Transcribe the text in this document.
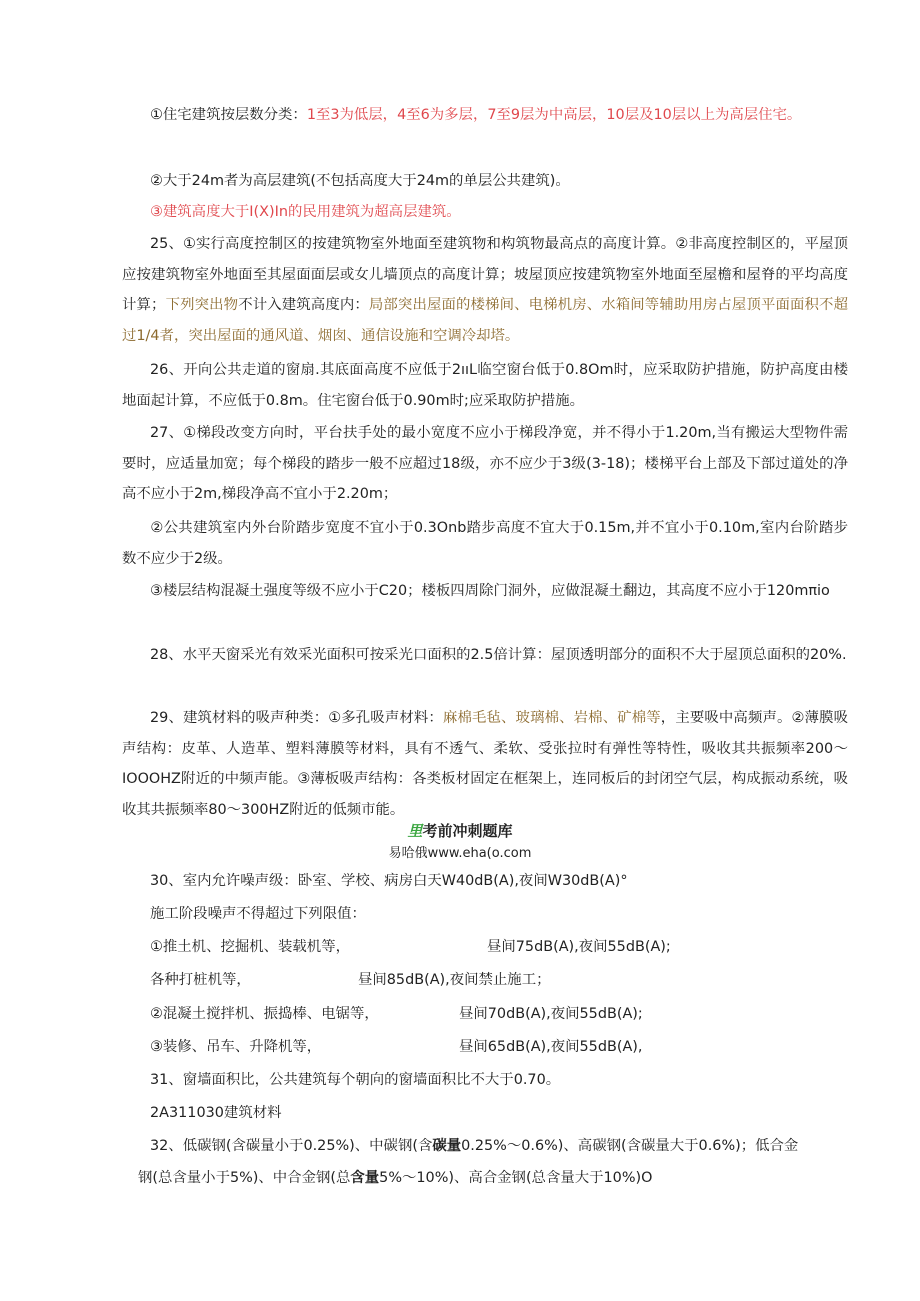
①住宅建筑按层数分类：1至3为低层，4至6为多层，7至9层为中高层，10层及10层以上为高层住宅。

②大于24m者为高层建筑(不包括高度大于24m的单层公共建筑)。

③建筑高度大于I(X)In的民用建筑为超高层建筑。

25、①实行高度控制区的按建筑物室外地面至建筑物和构筑物最高点的高度计算。②非高度控制区的，平屋顶应按建筑物室外地面至其屋面面层或女儿墙顶点的高度计算；坡屋顶应按建筑物室外地面至屋檐和屋脊的平均高度计算；下列突出物不计入建筑高度内：局部突出屋面的楼梯间、电梯机房、水箱间等辅助用房占屋顶平面面积不超过1/4者，突出屋面的通风道、烟囱、通信设施和空调冷却塔。

26、开向公共走道的窗扇.其底面高度不应低于2ııL临空窗台低于0.8Om时，应采取防护措施，防护高度由楼地面起计算，不应低于0.8m。住宅窗台低于0.90m时;应采取防护措施。

27、①梯段改变方向时，平台扶手处的最小宽度不应小于梯段净宽，并不得小于1.20m,当有搬运大型物件需要时，应适量加宽；每个梯段的踏步一般不应超过18级，亦不应少于3级(3-18)；楼梯平台上部及下部过道处的净高不应小于2m,梯段净高不宜小于2.20m；

②公共建筑室内外台阶踏步宽度不宜小于0.3Onb踏步高度不宜大于0.15m,并不宜小于0.10m,室内台阶踏步数不应少于2级。

③楼层结构混凝土强度等级不应小于C20；楼板四周除门洞外，应做混凝土翻边，其高度不应小于120mπio

28、水平天窗采光有效采光面积可按采光口面积的2.5倍计算：屋顶透明部分的面积不大于屋顶总面积的20%.

29、建筑材料的吸声种类：①多孔吸声材料：麻棉毛毡、玻璃棉、岩棉、矿棉等，主要吸中高频声。②薄膜吸声结构：皮革、人造革、塑料薄膜等材料，具有不透气、柔软、受张拉时有弹性等特性，吸收其共振频率200～IOOOHZ附近的中频声能。③薄板吸声结构：各类板材固定在框架上，连同板后的封闭空气层，构成振动系统，吸收其共振频率80～300HZ附近的低频市能。

里考前冲刺题库
易哈俄www.eha(o.com

30、室内允许噪声级：卧室、学校、病房白天W40dB(A),夜间W30dB(A)°

施工阶段噪声不得超过下列限值：

①推土机、挖掘机、装载机等，	昼间75dB(A),夜间55dB(A);
各种打桩机等，	昼间85dB(A),夜间禁止施工；
②混凝土搅拌机、振捣棒、电锯等，	昼间70dB(A),夜间55dB(A);
③装修、吊车、升降机等，	昼间65dB(A),夜间55dB(A),

31、窗墙面积比，公共建筑每个朝向的窗墙面积比不大于0.70。

2A311030建筑材料

32、低碳钢(含碳量小于0.25%)、中碳钢(含碳量0.25%～0.6%)、高碳钢(含碳量大于0.6%)；低合金

钢(总含量小于5%)、中合金钢(总含量5%～10%)、高合金钢(总含量大于10%)O
